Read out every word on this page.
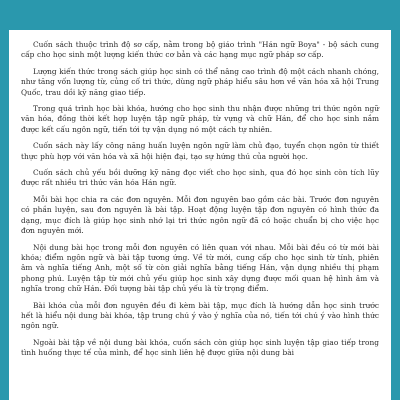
Cuốn sách thuộc trình độ sơ cấp, nằm trong bộ giáo trình "Hán ngữ Boya" - bộ sách cung cấp cho học sinh một lượng kiến thức cơ bản và các hạng mục ngữ pháp sơ cấp.

Lượng kiến thức trong sách giúp học sinh có thể nâng cao trình độ một cách nhanh chóng, như tăng vốn lượng từ, củng cố tri thức, dùng ngữ pháp hiểu sâu hơn về văn hóa xã hội Trung Quốc, trau dồi kỹ năng giao tiếp.

Trong quá trình học bài khóa, hướng cho học sinh thu nhận được những tri thức ngôn ngữ văn hóa, đồng thời kết hợp luyện tập ngữ pháp, từ vựng và chữ Hán, để cho học sinh nắm được kết cấu ngôn ngữ, tiến tới tự vận dụng nó một cách tự nhiên.

Cuốn sách này lấy công năng huấn luyện ngôn ngữ làm chủ đạo, tuyển chọn ngôn từ thiết thực phù hợp với văn hóa và xã hội hiện đại, tạo sự hứng thú của người học.

Cuốn sách chủ yếu bồi dưỡng kỹ năng đọc viết cho học sinh, qua đó học sinh còn tích lũy được rất nhiều tri thức văn hóa Hán ngữ.

Mỗi bài học chia ra các đơn nguyên. Mỗi đơn nguyên bao gồm các bài. Trước đơn nguyên có phần luyện, sau đơn nguyên là bài tập. Hoạt động luyện tập đơn nguyên có hình thức đa dạng, mục đích là giúp học sinh nhớ lại tri thức ngôn ngữ đã có hoặc chuẩn bị cho việc học đơn nguyên mới.

Nội dung bài học trong mỗi đơn nguyên có liên quan với nhau. Mỗi bài đều có từ mới bài khóa; điểm ngôn ngữ và bài tập tương ứng. Về từ mới, cung cấp cho học sinh từ tính, phiên âm và nghĩa tiếng Anh, một số từ còn giải nghĩa bằng tiếng Hán, vận dụng nhiều thị phạm phong phú. Luyện tập từ mới chủ yếu giúp học sinh xây dựng được mối quan hệ hình âm và nghĩa trong chữ Hán. Đối tượng bài tập chủ yếu là từ trọng điểm.

Bài khóa của mỗi đơn nguyên đều đi kèm bài tập, mục đích là hướng dẫn học sinh trước hết là hiểu nội dung bài khóa, tập trung chú ý vào ý nghĩa của nó, tiến tới chú ý vào hình thức ngôn ngữ.

Ngoài bài tập về nội dung bài khóa, cuốn sách còn giúp học sinh luyện tập giao tiếp trong tình huống thực tế của mình, để học sinh liên hệ được giữa nội dung bài
